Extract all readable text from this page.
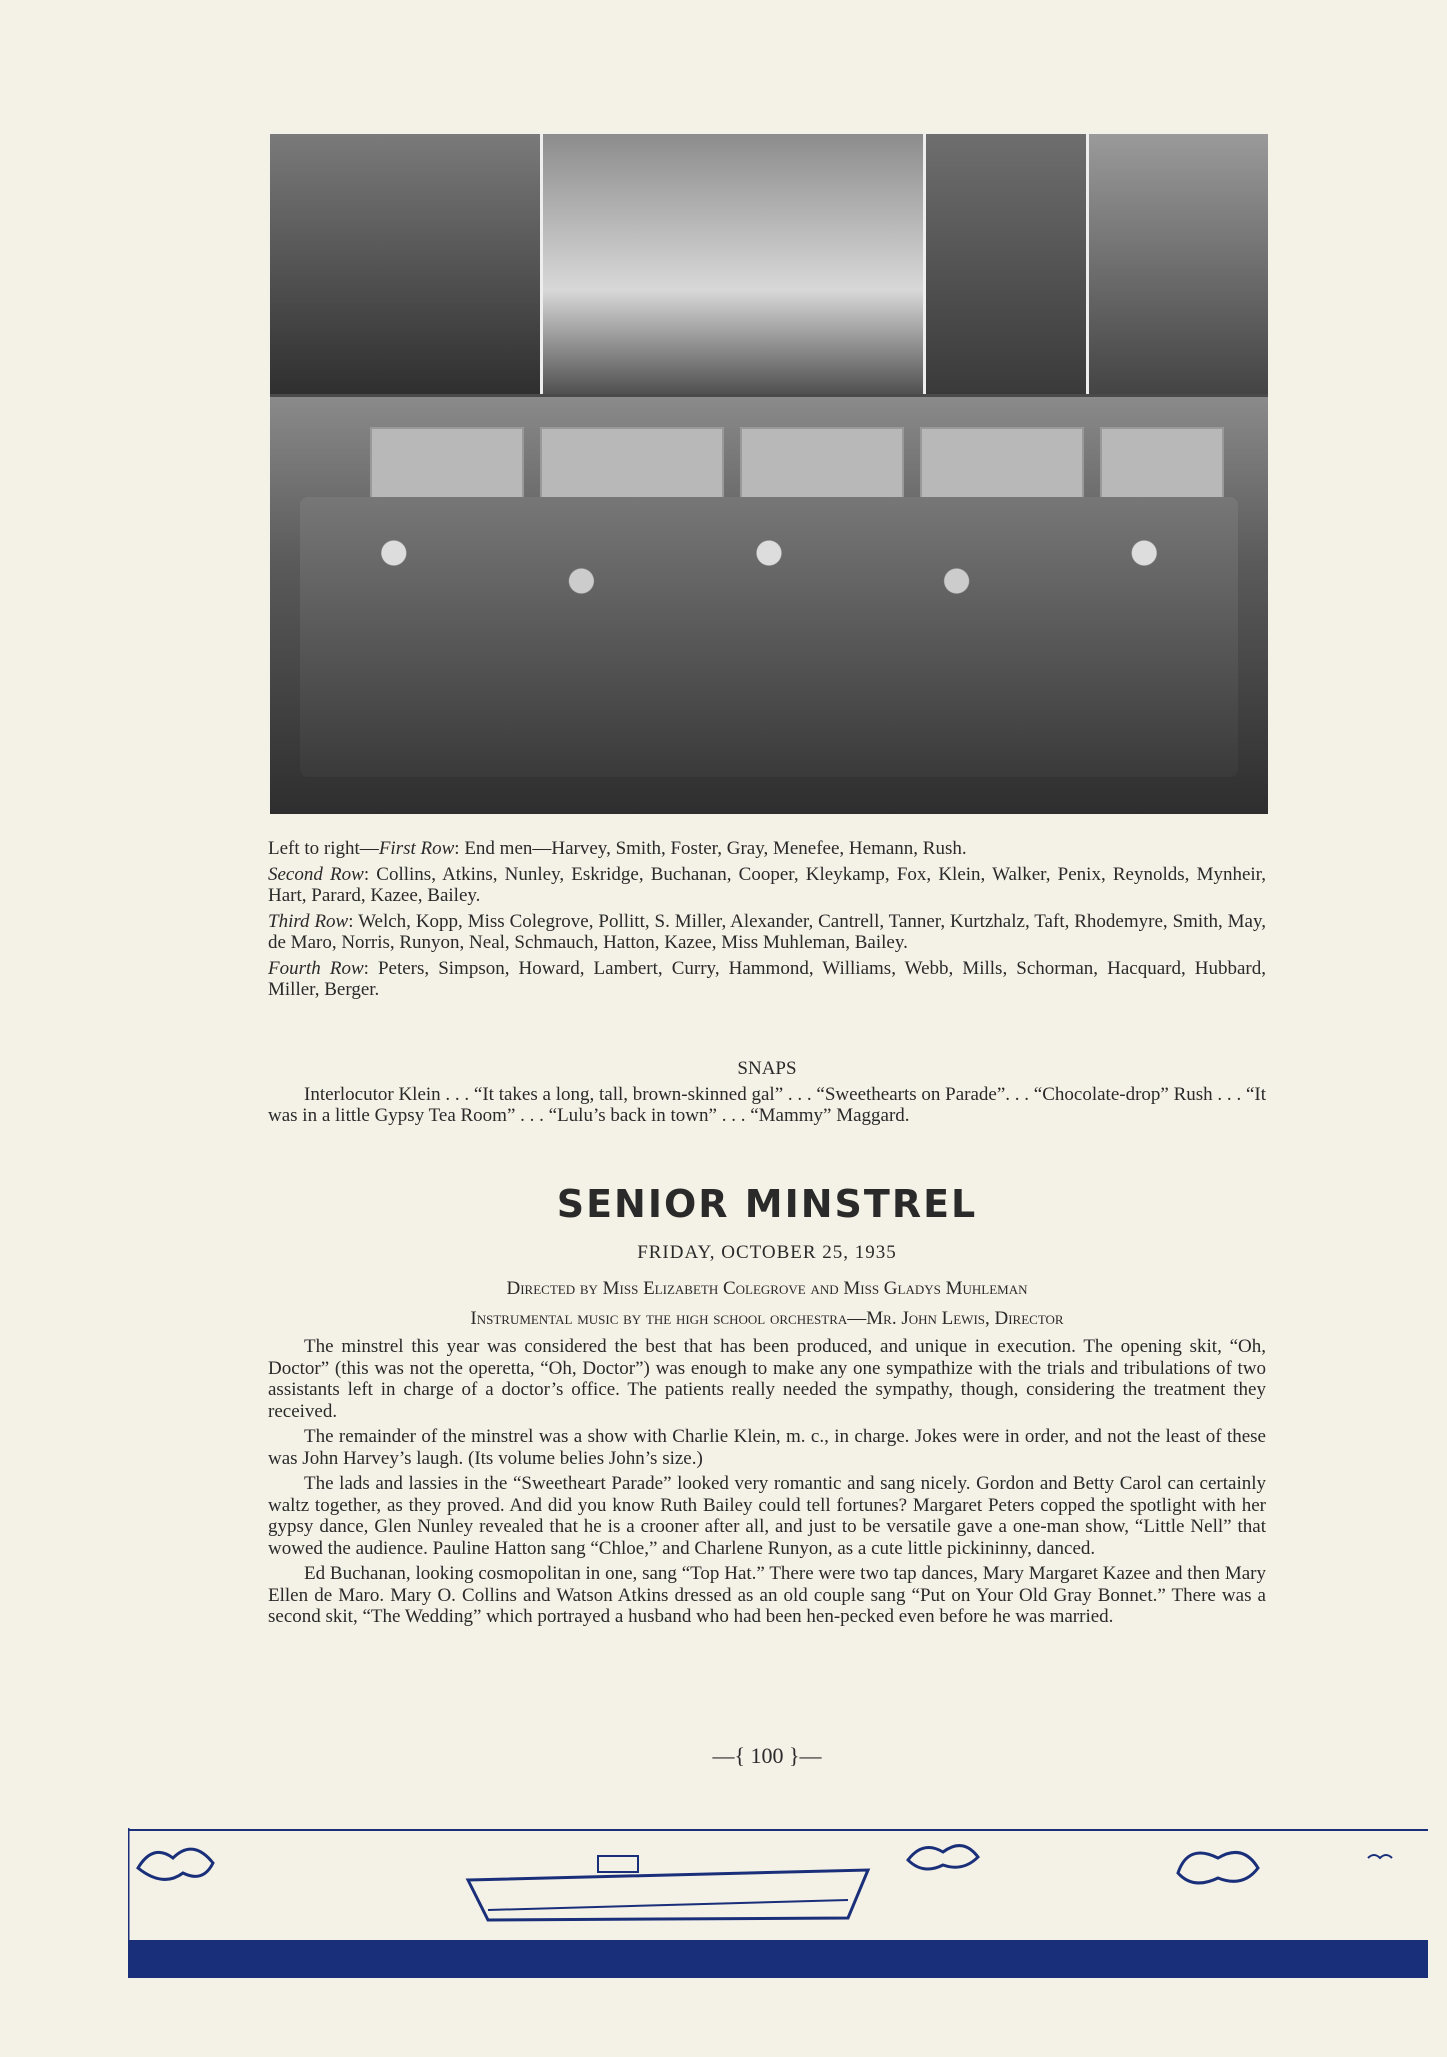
Left to right—First Row: End men—Harvey, Smith, Foster, Gray, Menefee, Hemann, Rush.

Second Row: Collins, Atkins, Nunley, Eskridge, Buchanan, Cooper, Kleykamp, Fox, Klein, Walker, Penix, Reynolds, Mynheir, Hart, Parard, Kazee, Bailey.

Third Row: Welch, Kopp, Miss Colegrove, Pollitt, S. Miller, Alexander, Cantrell, Tanner, Kurtzhalz, Taft, Rhodemyre, Smith, May, de Maro, Norris, Runyon, Neal, Schmauch, Hatton, Kazee, Miss Muhleman, Bailey.

Fourth Row: Peters, Simpson, Howard, Lambert, Curry, Hammond, Williams, Webb, Mills, Schorman, Hacquard, Hubbard, Miller, Berger.

SNAPS

Interlocutor Klein . . . “It takes a long, tall, brown-skinned gal” . . . “Sweethearts on Parade”. . . “Chocolate-drop” Rush . . . “It was in a little Gypsy Tea Room” . . . “Lulu’s back in town” . . . “Mammy” Maggard.

SENIOR MINSTREL
FRIDAY, OCTOBER 25, 1935
Directed by Miss Elizabeth Colegrove and Miss Gladys Muhleman
Instrumental music by the high school orchestra—Mr. John Lewis, Director

The minstrel this year was considered the best that has been produced, and unique in execution. The opening skit, “Oh, Doctor” (this was not the operetta, “Oh, Doctor”) was enough to make any one sympathize with the trials and tribulations of two assistants left in charge of a doctor’s office. The patients really needed the sympathy, though, considering the treatment they received.

The remainder of the minstrel was a show with Charlie Klein, m. c., in charge. Jokes were in order, and not the least of these was John Harvey’s laugh. (Its volume belies John’s size.)

The lads and lassies in the “Sweetheart Parade” looked very romantic and sang nicely. Gordon and Betty Carol can certainly waltz together, as they proved. And did you know Ruth Bailey could tell fortunes? Margaret Peters copped the spotlight with her gypsy dance, Glen Nunley revealed that he is a crooner after all, and just to be versatile gave a one-man show, “Little Nell” that wowed the audience. Pauline Hatton sang “Chloe,” and Charlene Runyon, as a cute little pickininny, danced.

Ed Buchanan, looking cosmopolitan in one, sang “Top Hat.” There were two tap dances, Mary Margaret Kazee and then Mary Ellen de Maro. Mary O. Collins and Watson Atkins dressed as an old couple sang “Put on Your Old Gray Bonnet.” There was a second skit, “The Wedding” which portrayed a husband who had been hen-pecked even before he was married.

—{ 100 }—
